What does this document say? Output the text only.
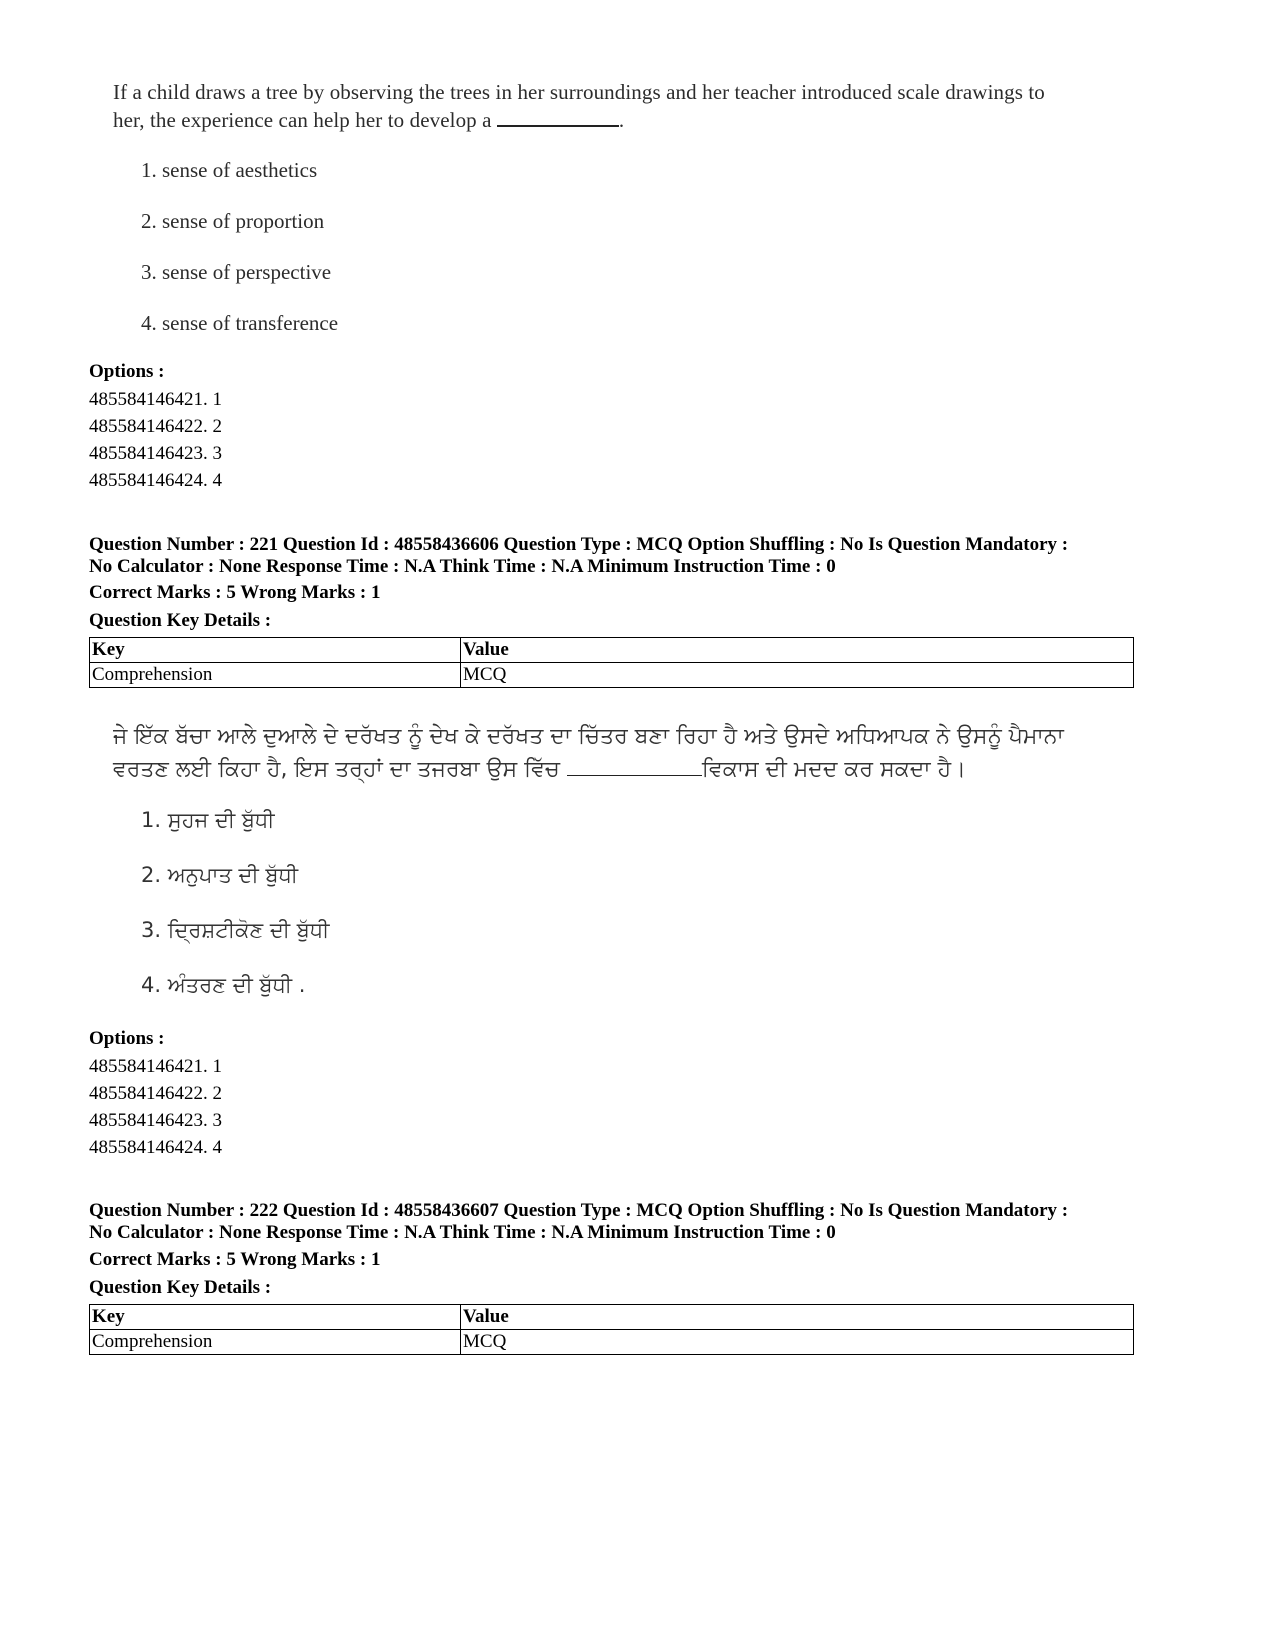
If a child draws a tree by observing the trees in her surroundings and her teacher introduced scale drawings to
her, the experience can help her to develop a	.
1. sense of aesthetics
2. sense of proportion
3. sense of perspective
4. sense of transference
Options :
485584146421. 1
485584146422. 2
485584146423. 3
485584146424. 4
Question Number : 221 Question Id : 48558436606 Question Type : MCQ Option Shuffling : No Is Question Mandatory :
No Calculator : None Response Time : N.A Think Time : N.A Minimum Instruction Time : 0
Correct Marks : 5 Wrong Marks : 1
Question Key Details :
Key	Value
Comprehension	MCQ
ਜੇ ਇੱਕ ਬੱਚਾ ਆਲੇ ਦੁਆਲੇ ਦੇ ਦਰੱਖਤ ਨੂੰ ਦੇਖ ਕੇ ਦਰੱਖਤ ਦਾ ਚਿੱਤਰ ਬਣਾ ਰਿਹਾ ਹੈ ਅਤੇ ਉਸਦੇ ਅਧਿਆਪਕ ਨੇ ਉਸਨੂੰ ਪੈਮਾਨਾ
ਵਰਤਣ ਲਈ ਕਿਹਾ ਹੈ, ਇਸ ਤਰ੍ਹਾਂ ਦਾ ਤਜਰਬਾ ਉਸ ਵਿੱਚ	ਵਿਕਾਸ ਦੀ ਮਦਦ ਕਰ ਸਕਦਾ ਹੈ।
1. ਸੁਹਜ ਦੀ ਬੁੱਧੀ
2. ਅਨੁਪਾਤ ਦੀ ਬੁੱਧੀ
3. ਦ੍ਰਿਸ਼ਟੀਕੋਣ ਦੀ ਬੁੱਧੀ
4. ਅੰਤਰਣ ਦੀ ਬੁੱਧੀ .
Options :
485584146421. 1
485584146422. 2
485584146423. 3
485584146424. 4
Question Number : 222 Question Id : 48558436607 Question Type : MCQ Option Shuffling : No Is Question Mandatory :
No Calculator : None Response Time : N.A Think Time : N.A Minimum Instruction Time : 0
Correct Marks : 5 Wrong Marks : 1
Question Key Details :
Key	Value
Comprehension	MCQ
